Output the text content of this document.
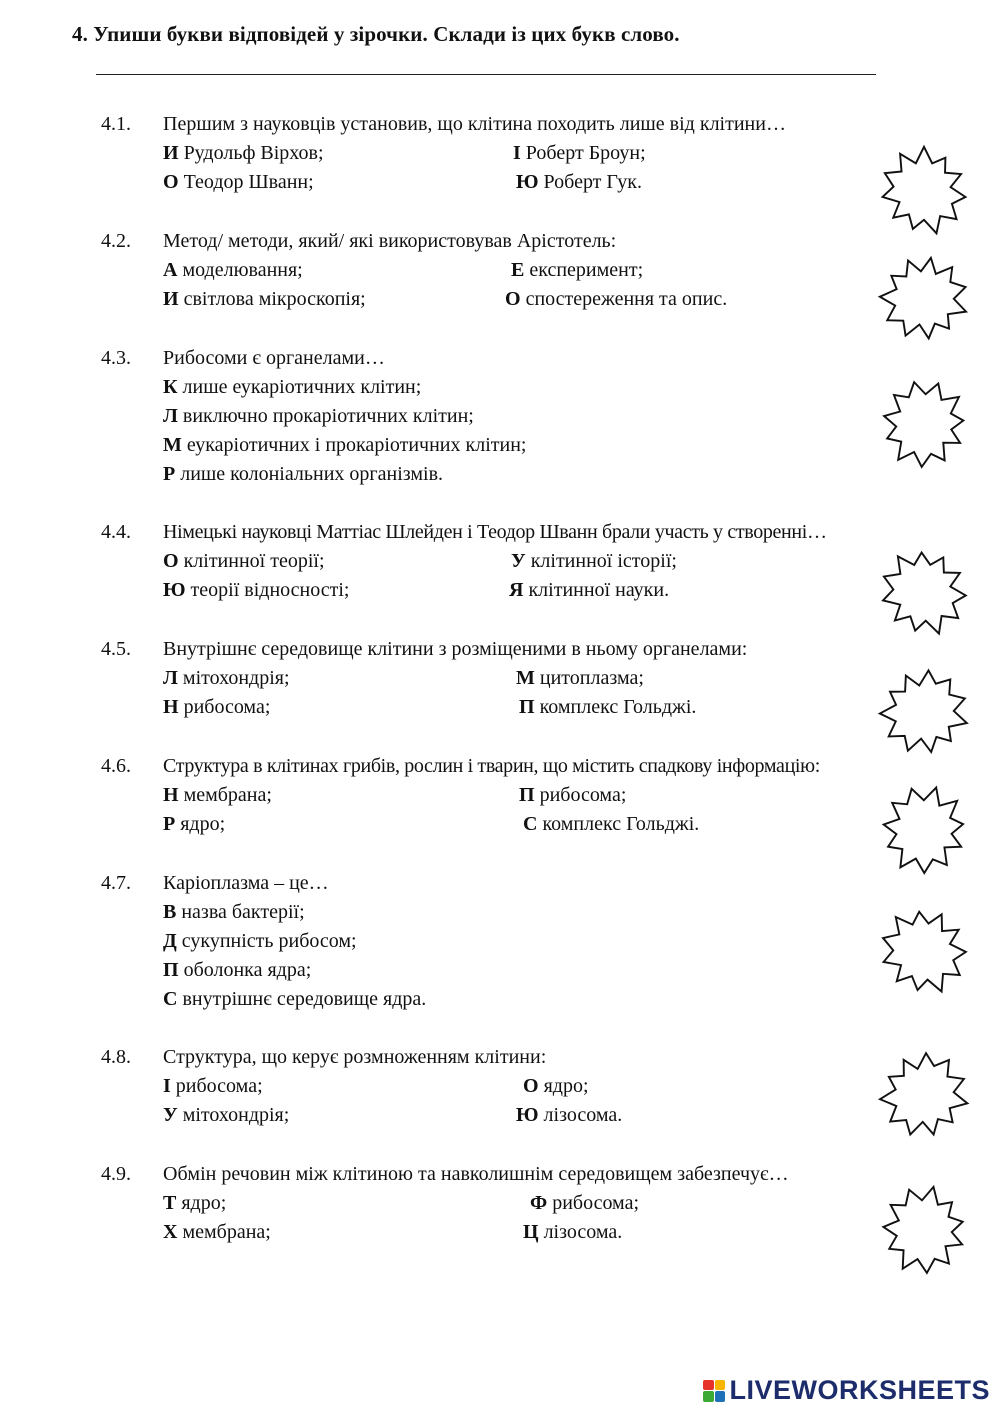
4. Упиши букви відповідей у зірочки. Склади із цих букв слово.
4.1. Першим з науковців установив, що клітина походить лише від клітини…
И Рудольф Вірхов;	І Роберт Броун;
О Теодор Шванн;	Ю Роберт Гук.
4.2. Метод/ методи, який/ які використовував Арістотель:
А моделювання;	Е експеримент;
И світлова мікроскопія;	О спостереження та опис.
4.3. Рибосоми є органелами…
К лише еукаріотичних клітин;
Л виключно прокаріотичних клітин;
М еукаріотичних і прокаріотичних клітин;
Р лише колоніальних організмів.
4.4. Німецькі науковці Маттіас Шлейден і Теодор Шванн брали участь у створенні…
О клітинної теорії;	У клітинної історії;
Ю теорії відносності;	Я клітинної науки.
4.5. Внутрішнє середовище клітини з розміщеними в ньому органелами:
Л мітохондрія;	М цитоплазма;
Н рибосома;	П комплекс Гольджі.
4.6. Структура в клітинах грибів, рослин і тварин, що містить спадкову інформацію:
Н мембрана;	П рибосома;
Р ядро;	С комплекс Гольджі.
4.7. Каріоплазма – це…
В назва бактерії;
Д сукупність рибосом;
П оболонка ядра;
С внутрішнє середовище ядра.
4.8. Структура, що керує розмноженням клітини:
І рибосома;	О ядро;
У мітохондрія;	Ю лізосома.
4.9. Обмін речовин між клітиною та навколишнім середовищем забезпечує…
Т ядро;	Ф рибосома;
Х мембрана;	Ц лізосома.
LIVEWORKSHEETS
